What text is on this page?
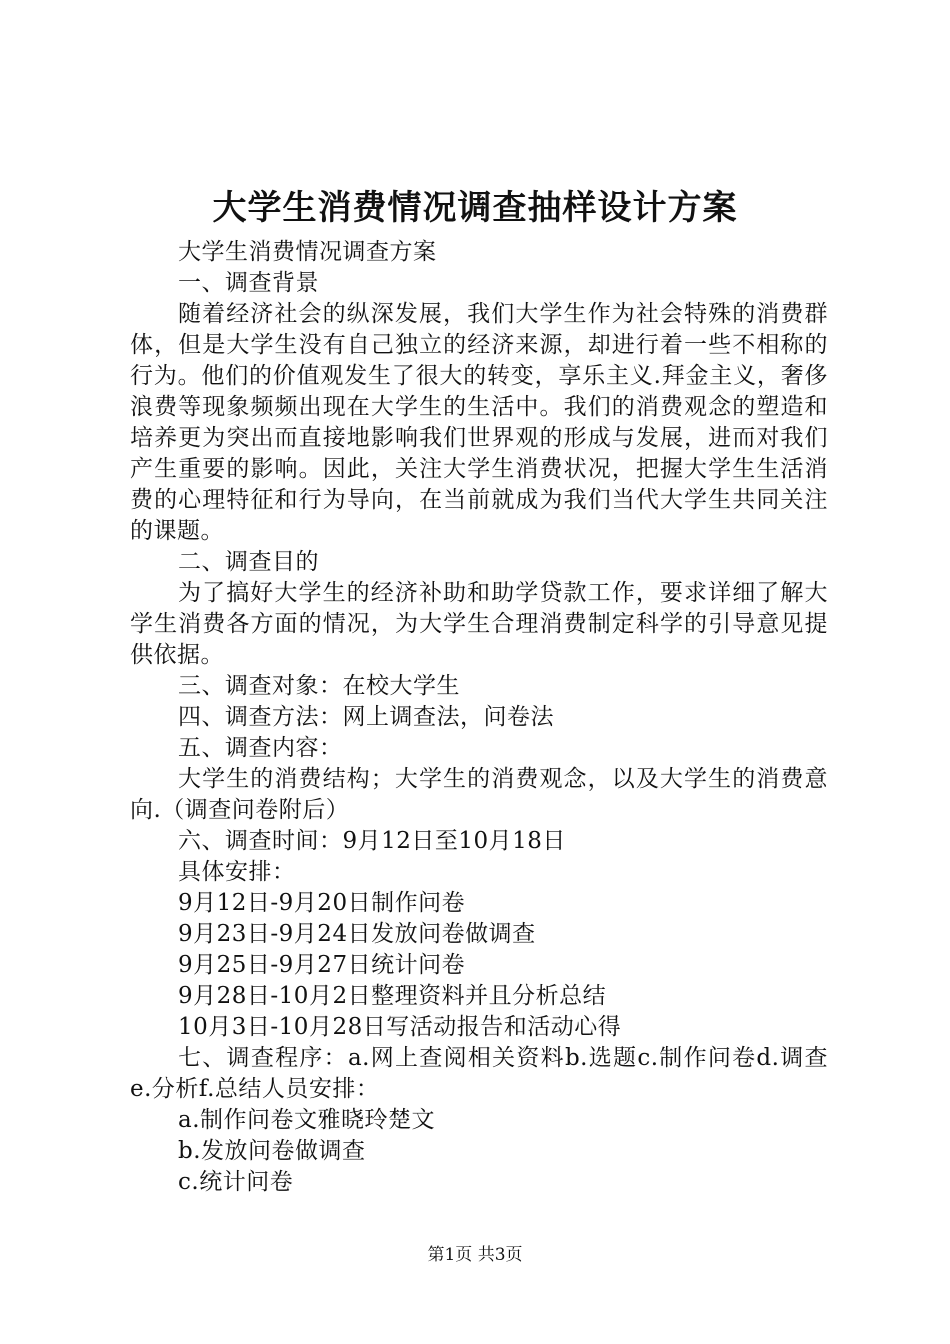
大学生消费情况调查抽样设计方案

大学生消费情况调查方案

一、调查背景

随着经济社会的纵深发展，我们大学生作为社会特殊的消费群体，但是大学生没有自己独立的经济来源，却进行着一些不相称的行为。他们的价值观发生了很大的转变，享乐主义.拜金主义，奢侈浪费等现象频频出现在大学生的生活中。我们的消费观念的塑造和培养更为突出而直接地影响我们世界观的形成与发展，进而对我们产生重要的影响。因此，关注大学生消费状况，把握大学生生活消费的心理特征和行为导向，在当前就成为我们当代大学生共同关注的课题。

二、调查目的

为了搞好大学生的经济补助和助学贷款工作，要求详细了解大学生消费各方面的情况，为大学生合理消费制定科学的引导意见提供依据。

三、调查对象：在校大学生

四、调查方法：网上调查法，问卷法

五、调查内容：

大学生的消费结构；大学生的消费观念，以及大学生的消费意向.（调查问卷附后）

六、调查时间：9月12日至10月18日

具体安排：

9月12日-9月20日制作问卷

9月23日-9月24日发放问卷做调查

9月25日-9月27日统计问卷

9月28日-10月2日整理资料并且分析总结

10月3日-10月28日写活动报告和活动心得

七、调查程序：a.网上查阅相关资料b.选题c.制作问卷d.调查e.分析f.总结人员安排：

a.制作问卷文雅晓玲楚文

b.发放问卷做调查

c.统计问卷

第1页 共3页
